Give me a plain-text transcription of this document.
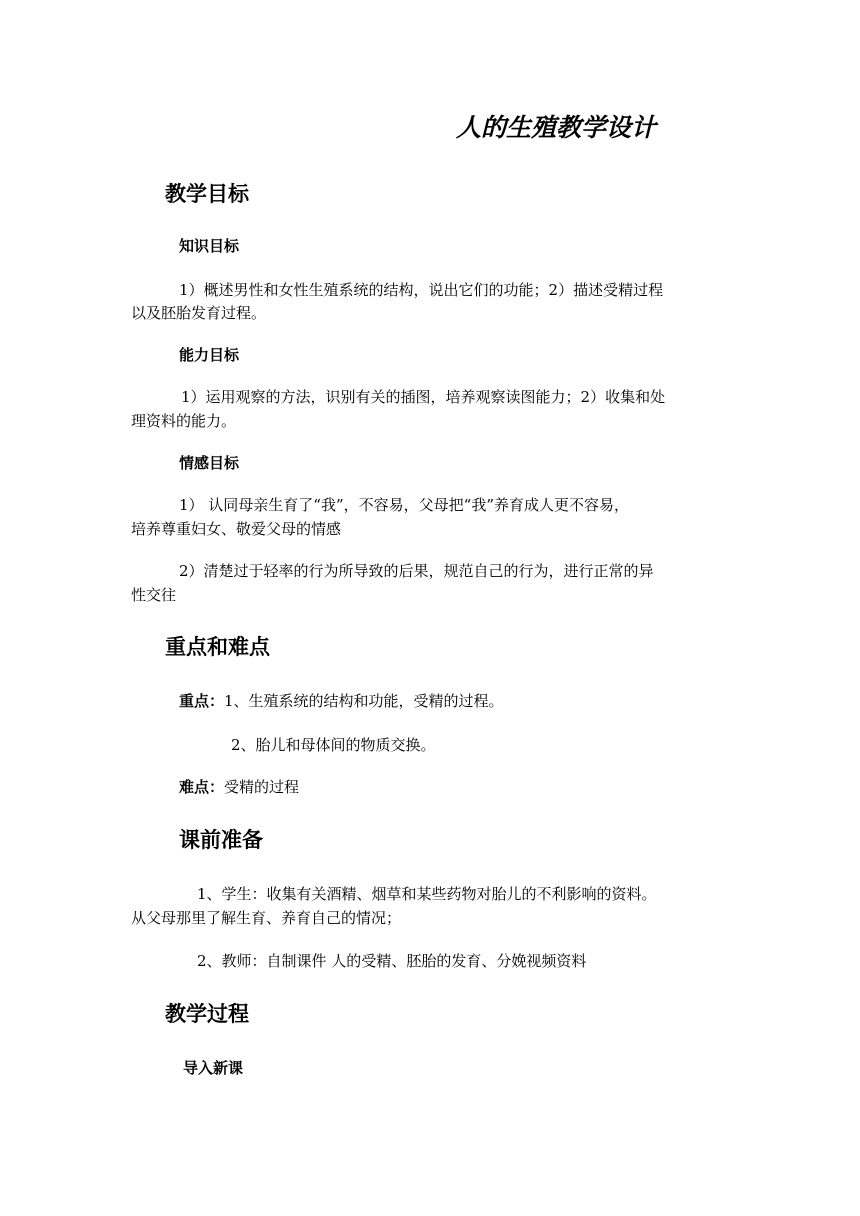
人的生殖教学设计
教学目标
知识目标
1）概述男性和女性生殖系统的结构，说出它们的功能；2）描述受精过程
以及胚胎发育过程。
能力目标
1）运用观察的方法，识别有关的插图，培养观察读图能力；2）收集和处
理资料的能力。
情感目标
1） 认同母亲生育了“我”，不容易，父母把“我”养育成人更不容易，
培养尊重妇女、敬爱父母的情感
2）清楚过于轻率的行为所导致的后果，规范自己的行为，进行正常的异
性交往
重点和难点
重点：1、生殖系统的结构和功能，受精的过程。
2、胎儿和母体间的物质交换。
难点：受精的过程
课前准备
1、学生：收集有关酒精、烟草和某些药物对胎儿的不利影响的资料。
从父母那里了解生育、养育自己的情况；
2、教师：自制课件 人的受精、胚胎的发育、分娩视频资料
教学过程
导入新课
